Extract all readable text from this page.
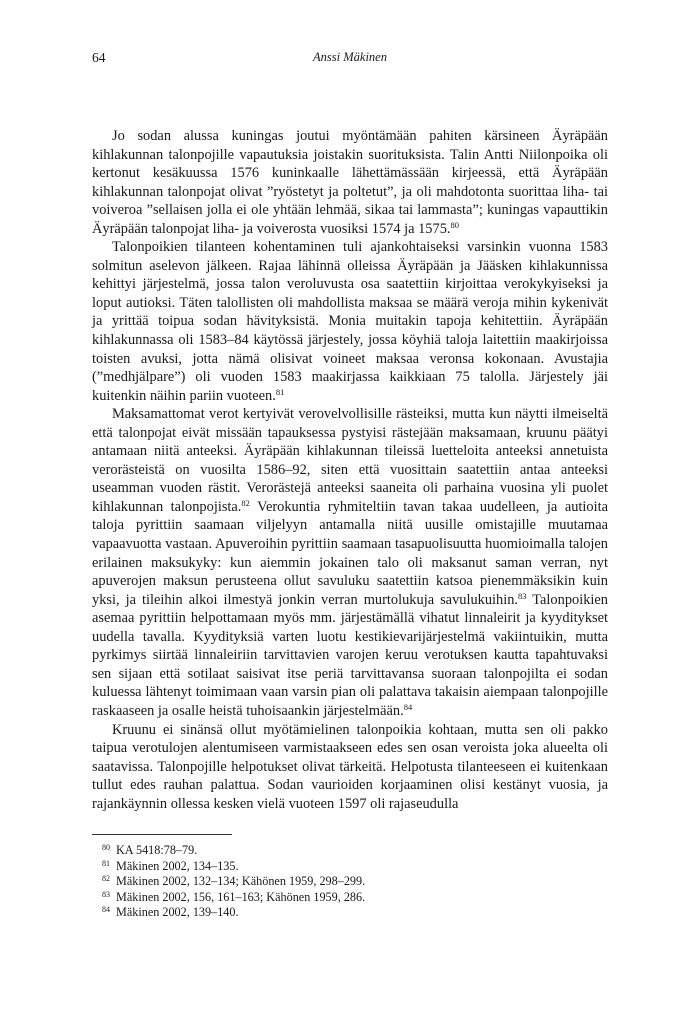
64	Anssi Mäkinen

Jo sodan alussa kuningas joutui myöntämään pahiten kärsineen Äyräpään kihlakunnan talonpojille vapautuksia joistakin suorituksista. Talin Antti Niilonpoika oli kertonut kesäkuussa 1576 kuninkaalle lähettämässään kirjeessä, että Äyräpään kihlakunnan talonpojat olivat ”ryöstetyt ja poltetut”, ja oli mahdotonta suorittaa liha- tai voiveroa ”sellaisen jolla ei ole yhtään lehmää, sikaa tai lammasta”; kuningas vapauttikin Äyräpään talonpojat liha- ja voiverosta vuosiksi 1574 ja 1575.80

Talonpoikien tilanteen kohentaminen tuli ajankohtaiseksi varsinkin vuonna 1583 solmitun aselevon jälkeen. Rajaa lähinnä olleissa Äyräpään ja Jääsken kihlakunnissa kehittyi järjestelmä, jossa talon veroluvusta osa saatettiin kirjoittaa verokykyiseksi ja loput autioksi. Täten talollisten oli mahdollista maksaa se määrä veroja mihin kykenivät ja yrittää toipua sodan hävityksistä. Monia muitakin tapoja kehitettiin. Äyräpään kihlakunnassa oli 1583–84 käytössä järjestely, jossa köyhiä taloja laitettiin maakirjoissa toisten avuksi, jotta nämä olisivat voineet maksaa veronsa kokonaan. Avustajia (”medhjälpare”) oli vuoden 1583 maakirjassa kaikkiaan 75 talolla. Järjestely jäi kuitenkin näihin pariin vuoteen.$^{81}$

Maksamattomat verot kertyivät verovelvollisille rästeiksi, mutta kun näytti ilmeiseltä että talonpojat eivät missään tapauksessa pystyisi rästejään maksamaan, kruunu päätyi antamaan niitä anteeksi. Äyräpään kihlakunnan tileissä luetteloita anteeksi annetuista verorästeistä on vuosilta 1586–92, siten että vuosittain saatettiin antaa anteeksi useamman vuoden rästit. Verorästejä anteeksi saaneita oli parhaina vuosina yli puolet kihlakunnan talonpojista.$^{82}$ Verokuntia ryhmiteltiin tavan takaa uudelleen, ja autioita taloja pyrittiin saamaan viljelyyn antamalla niitä uusille omistajille muutamaa vapaavuotta vastaan. Apuveroihin pyrittiin saamaan tasapuolisuutta huomioimalla talojen erilainen maksukyky: kun aiemmin jokainen talo oli maksanut saman verran, nyt apuverojen maksun perusteena ollut savuluku saatettiin katsoa pienemmäksikin kuin yksi, ja tileihin alkoi ilmestyä jonkin verran murtolukuja savulukuihin.$^{83}$ Talonpoikien asemaa pyrittiin helpottamaan myös mm. järjestämällä vihatut linnaleirit ja kyyditykset uudella tavalla. Kyydityksiä varten luotu kestikievarijärjestelmä vakiintuikin, mutta pyrkimys siirtää linnaleiriin tarvittavien varojen keruu verotuksen kautta tapahtuvaksi sen sijaan että sotilaat saisivat itse periä tarvittavansa suoraan talonpojilta ei sodan kuluessa lähtenyt toimimaan vaan varsin pian oli palattava takaisin aiempaan talonpojille raskaaseen ja osalle heistä tuhoisaankin järjestelmään.$^{84}$

Kruunu ei sinänsä ollut myötämielinen talonpoikia kohtaan, mutta sen oli pakko taipua verotulojen alentumiseen varmistaakseen edes sen osan veroista joka alueelta oli saatavissa. Talonpojille helpotukset olivat tärkeitä. Helpotusta tilanteeseen ei kuitenkaan tullut edes rauhan palattua. Sodan vaurioiden korjaaminen olisi kestänyt vuosia, ja rajankäynnin ollessa kesken vielä vuoteen 1597 oli rajaseudulla

$^{80}$ KA 5418:78–79.

$^{81}$ Mäkinen 2002, 134–135.

$^{82}$ Mäkinen 2002, 132–134; Kähönen 1959, 298–299.

$^{83}$ Mäkinen 2002, 156, 161–163; Kähönen 1959, 286.

$^{84}$ Mäkinen 2002, 139–140.
